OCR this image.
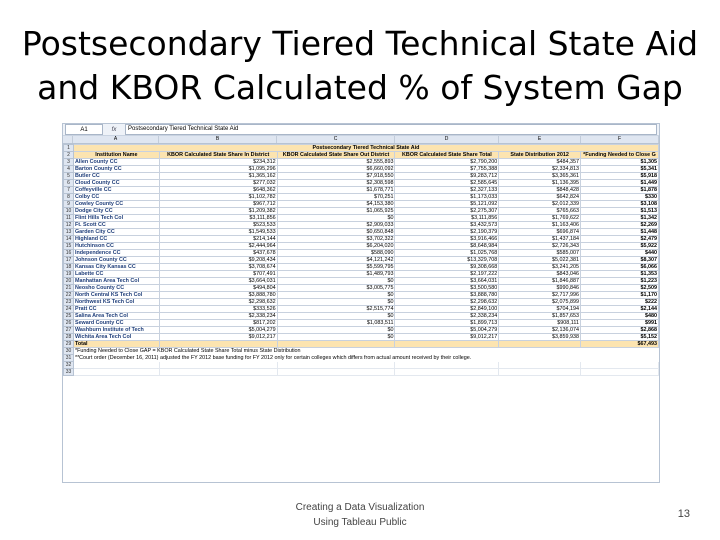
Postsecondary Tiered Technical State Aid
and KBOR Calculated % of System Gap
A1	fx	Postsecondary Tiered Technical State Aid
A	B	C	D	E	F
1	Postsecondary Tiered Technical State Aid					
2	Institution Name	KBOR Calculated State Share In District	KBOR Calculated State Share Out District	KBOR Calculated State Share Total	State Distribution 2012	*Funding Needed to Close G
3	Allen County CC	$234,312	$2,555,893	$2,790,200	$484,357	$1,305
4	Barton County CC	$1,095,296	$6,660,092	$7,755,388	$2,334,813	$5,341
5	Butler CC	$1,365,162	$7,918,550	$9,283,712	$3,365,361	$5,918
6	Cloud County CC	$277,032	$2,308,598	$2,585,645	$1,136,395	$1,449
7	Coffeyville CC	$648,362	$1,678,771	$2,327,133	$848,428	$1,878
8	Colby CC	$1,102,782	$70,251	$1,173,033	$642,824	$330
9	Cowley County CC	$967,712	$4,153,380	$5,121,092	$2,012,339	$3,108
10	Dodge City CC	$1,209,382	$1,065,925	$2,275,307	$765,663	$1,513
11	Flint Hills Tech Col	$3,111,856	$0	$3,111,856	$1,769,622	$1,342
12	Ft. Scott CC	$523,533	$2,909,033	$3,432,573	$1,163,406	$2,269
13	Garden City CC	$1,549,533	$0,650,848	$2,190,379	$696,874	$1,448
14	Highland CC	$214,144	$3,702,322	$3,916,466	$1,437,184	$2,479
15	Hutchinson CC	$2,444,964	$6,204,020	$8,648,984	$2,726,343	$5,922
16	Independence CC	$437,678	$588,090	$1,025,768	$585,007	$440
17	Johnson County CC	$9,208,434	$4,121,242	$13,329,708	$5,022,381	$8,307
18	Kansas City Kansas CC	$3,708,674	$5,599,795	$9,308,668	$3,241,205	$6,066
19	Labette CC	$707,491	$1,489,793	$2,197,222	$843,046	$1,353
20	Manhattan Area Tech Col	$3,664,031	$0	$3,664,031	$1,846,887	$1,223
21	Neosho County CC	$494,804	$3,005,775	$3,500,580	$990,846	$2,509
22	North Central KS Tech Col	$3,888,780	$0	$3,888,780	$2,717,996	$1,170
23	Northwest KS Tech Col	$2,298,632	$0	$2,298,632	$2,075,899	$222
24	Pratt CC	$333,526	$2,515,774	$2,849,100	$704,194	$2,144
25	Salina Area Tech Col	$2,338,234	$0	$2,338,234	$1,857,653	$480
26	Seward County CC	$817,202	$1,083,511	$1,899,713	$908,111	$991
27	Washburn Institute of Tech	$5,004,279	$0	$5,004,279	$2,136,074	$2,868
28	Wichita Area Tech Col	$9,012,217	$0	$9,012,217	$3,859,938	$5,152
29	Total					$67,493
30	*Funding Needed to Close GAP = KBOR Calculated State Share Total minus State Distribution					
31	**Court order (December 16, 2011) adjusted the FY 2012 base funding for FY 2012 only for certain colleges which differs from actual amount received by their college.					
32						
33						
Creating a Data Visualization
Using Tableau Public
13
